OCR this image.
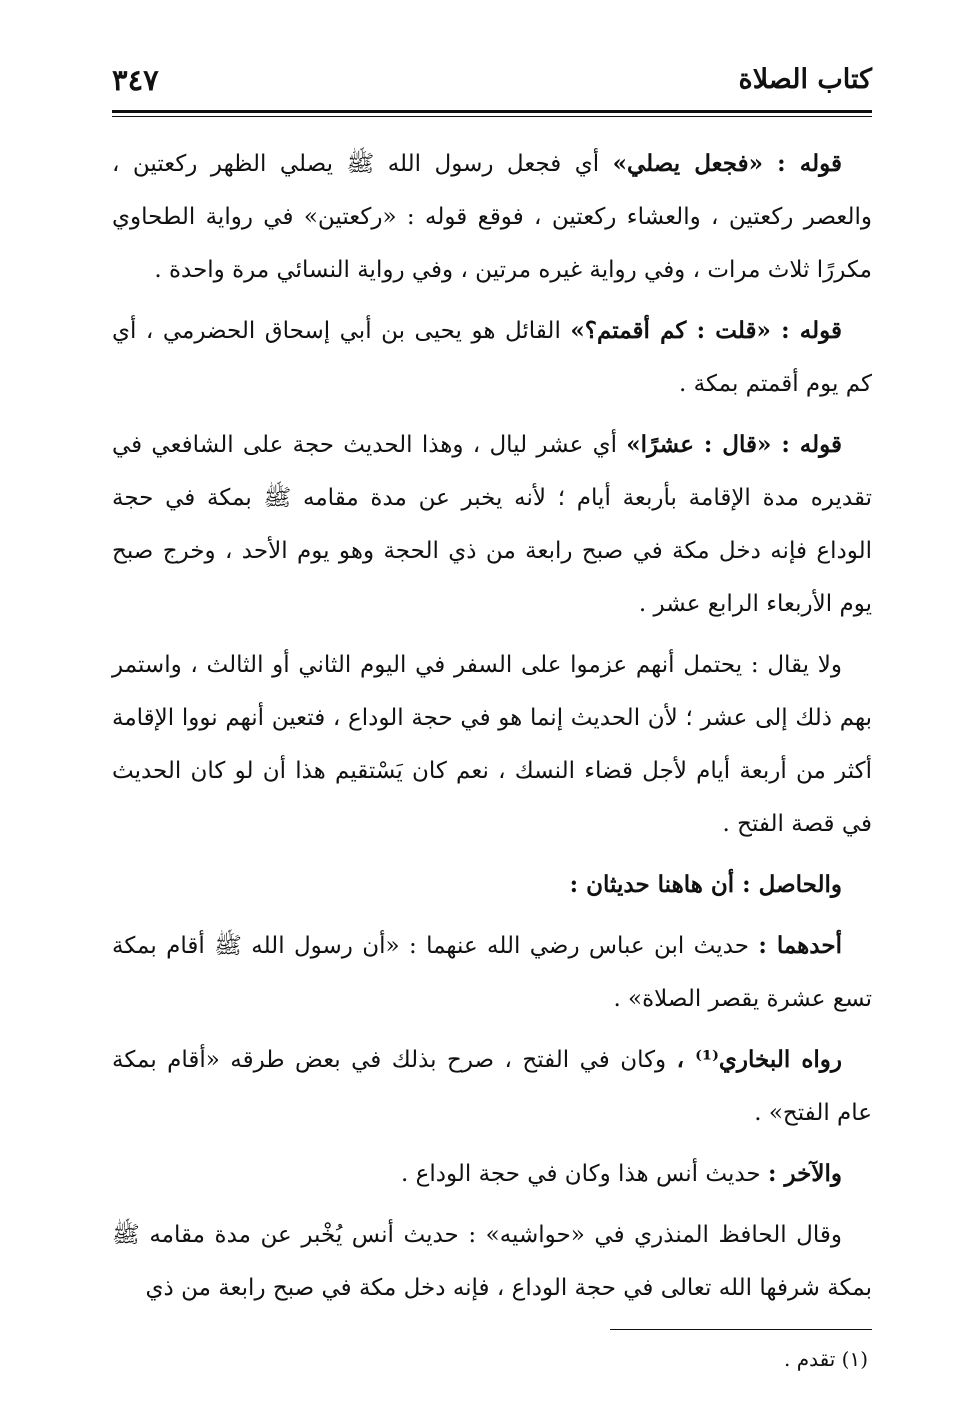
كتاب الصلاة
٣٤٧

قوله : «فجعل يصلي» أي فجعل رسول الله ﷺ يصلي الظهر ركعتين ، والعصر ركعتين ، والعشاء ركعتين ، فوقع قوله : «ركعتين» في رواية الطحاوي مكررًا ثلاث مرات ، وفي رواية غيره مرتين ، وفي رواية النسائي مرة واحدة .

قوله : «قلت : كم أقمتم؟» القائل هو يحيى بن أبي إسحاق الحضرمي ، أي كم يوم أقمتم بمكة .

قوله : «قال : عشرًا» أي عشر ليال ، وهذا الحديث حجة على الشافعي في تقديره مدة الإقامة بأربعة أيام ؛ لأنه يخبر عن مدة مقامه ﷺ بمكة في حجة الوداع فإنه دخل مكة في صبح رابعة من ذي الحجة وهو يوم الأحد ، وخرج صبح يوم الأربعاء الرابع عشر .

ولا يقال : يحتمل أنهم عزموا على السفر في اليوم الثاني أو الثالث ، واستمر بهم ذلك إلى عشر ؛ لأن الحديث إنما هو في حجة الوداع ، فتعين أنهم نووا الإقامة أكثر من أربعة أيام لأجل قضاء النسك ، نعم كان يَسْتقيم هذا أن لو كان الحديث في قصة الفتح .

والحاصل : أن هاهنا حديثان :

أحدهما : حديث ابن عباس رضي الله عنهما : «أن رسول الله ﷺ أقام بمكة تسع عشرة يقصر الصلاة» .

رواه البخاري⁽¹⁾ ، وكان في الفتح ، صرح بذلك في بعض طرقه «أقام بمكة عام الفتح» .

والآخر : حديث أنس هذا وكان في حجة الوداع .

وقال الحافظ المنذري في «حواشيه» : حديث أنس يُخْبر عن مدة مقامه ﷺ بمكة شرفها الله تعالى في حجة الوداع ، فإنه دخل مكة في صبح رابعة من ذي

(١) تقدم .
